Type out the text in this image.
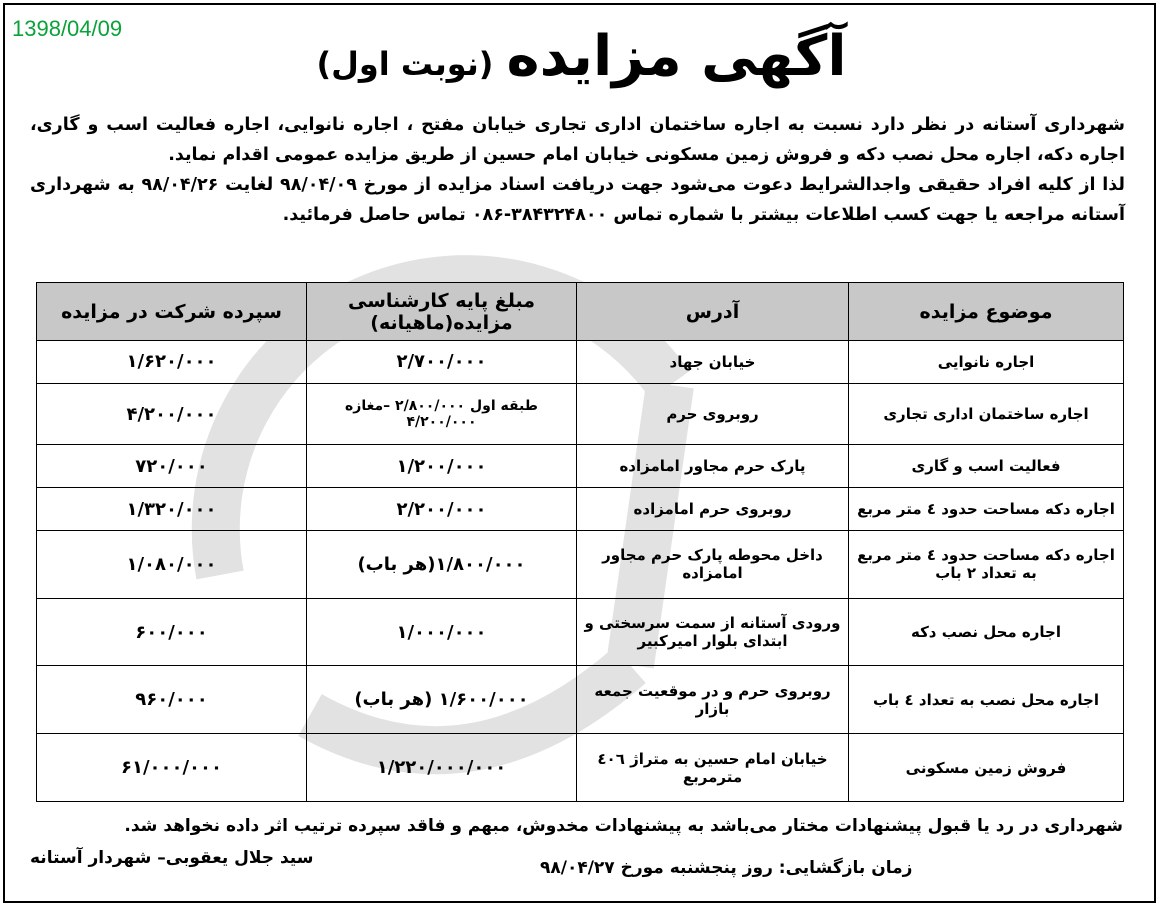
1398/04/09	آگهی مزایده (نوبت اول)

شهرداری آستانه در نظر دارد نسبت به اجاره ساختمان اداری تجاری خیابان مفتح ، اجاره نانوایی، اجاره فعالیت اسب و گاری، اجاره دکه، اجاره محل نصب دکه و فروش زمین مسکونی خیابان امام حسین از طریق مزایده عمومی اقدام نماید.

لذا از کلیه افراد حقیقی واجدالشرایط دعوت می‌شود جهت دریافت اسناد مزایده از مورخ ۹۸/۰۴/۰۹ لغایت ۹۸/۰۴/۲۶ به شهرداری آستانه مراجعه یا جهت کسب اطلاعات بیشتر با شماره تماس ۳۸۴۳۲۴۸۰۰-۰۸۶ تماس حاصل فرمائید.

موضوع مزایده	آدرس	مبلغ پایه کارشناسی مزایده(ماهیانه)	سپرده شرکت در مزایده
اجاره نانوایی	خیابان جهاد	۲/۷۰۰/۰۰۰	۱/۶۲۰/۰۰۰
اجاره ساختمان اداری تجاری	روبروی حرم	طبقه اول ۲/۸۰۰/۰۰۰ –مغازه ۴/۲۰۰/۰۰۰	۴/۲۰۰/۰۰۰
فعالیت اسب و گاری	پارک حرم مجاور امامزاده	۱/۲۰۰/۰۰۰	۷۲۰/۰۰۰
اجاره دکه مساحت حدود ٤ متر مربع	روبروی حرم امامزاده	۲/۲۰۰/۰۰۰	۱/۳۲۰/۰۰۰
اجاره دکه مساحت حدود ٤ متر مربع به تعداد ۲ باب	داخل محوطه پارک حرم مجاور امامزاده	۱/۸۰۰/۰۰۰(هر باب)	۱/۰۸۰/۰۰۰
اجاره محل نصب دکه	ورودی آستانه از سمت سرسختی و ابتدای بلوار امیرکبیر	۱/۰۰۰/۰۰۰	۶۰۰/۰۰۰
اجاره محل نصب به تعداد ٤ باب	روبروی حرم و در موقعیت جمعه بازار	۱/۶۰۰/۰۰۰ (هر باب)	۹۶۰/۰۰۰
فروش زمین مسکونی	خیابان امام حسین به متراژ ٤٠٦ مترمربع	۱/۲۲۰/۰۰۰/۰۰۰	۶۱/۰۰۰/۰۰۰
شهرداری در رد یا قبول پیشنهادات مختار می‌باشد به پیشنهادات مخدوش، مبهم و فاقد سپرده ترتیب اثر داده نخواهد شد.
زمان بازگشایی: روز پنجشنبه مورخ ۹۸/۰۴/۲۷
سید جلال یعقوبی– شهردار آستانه
